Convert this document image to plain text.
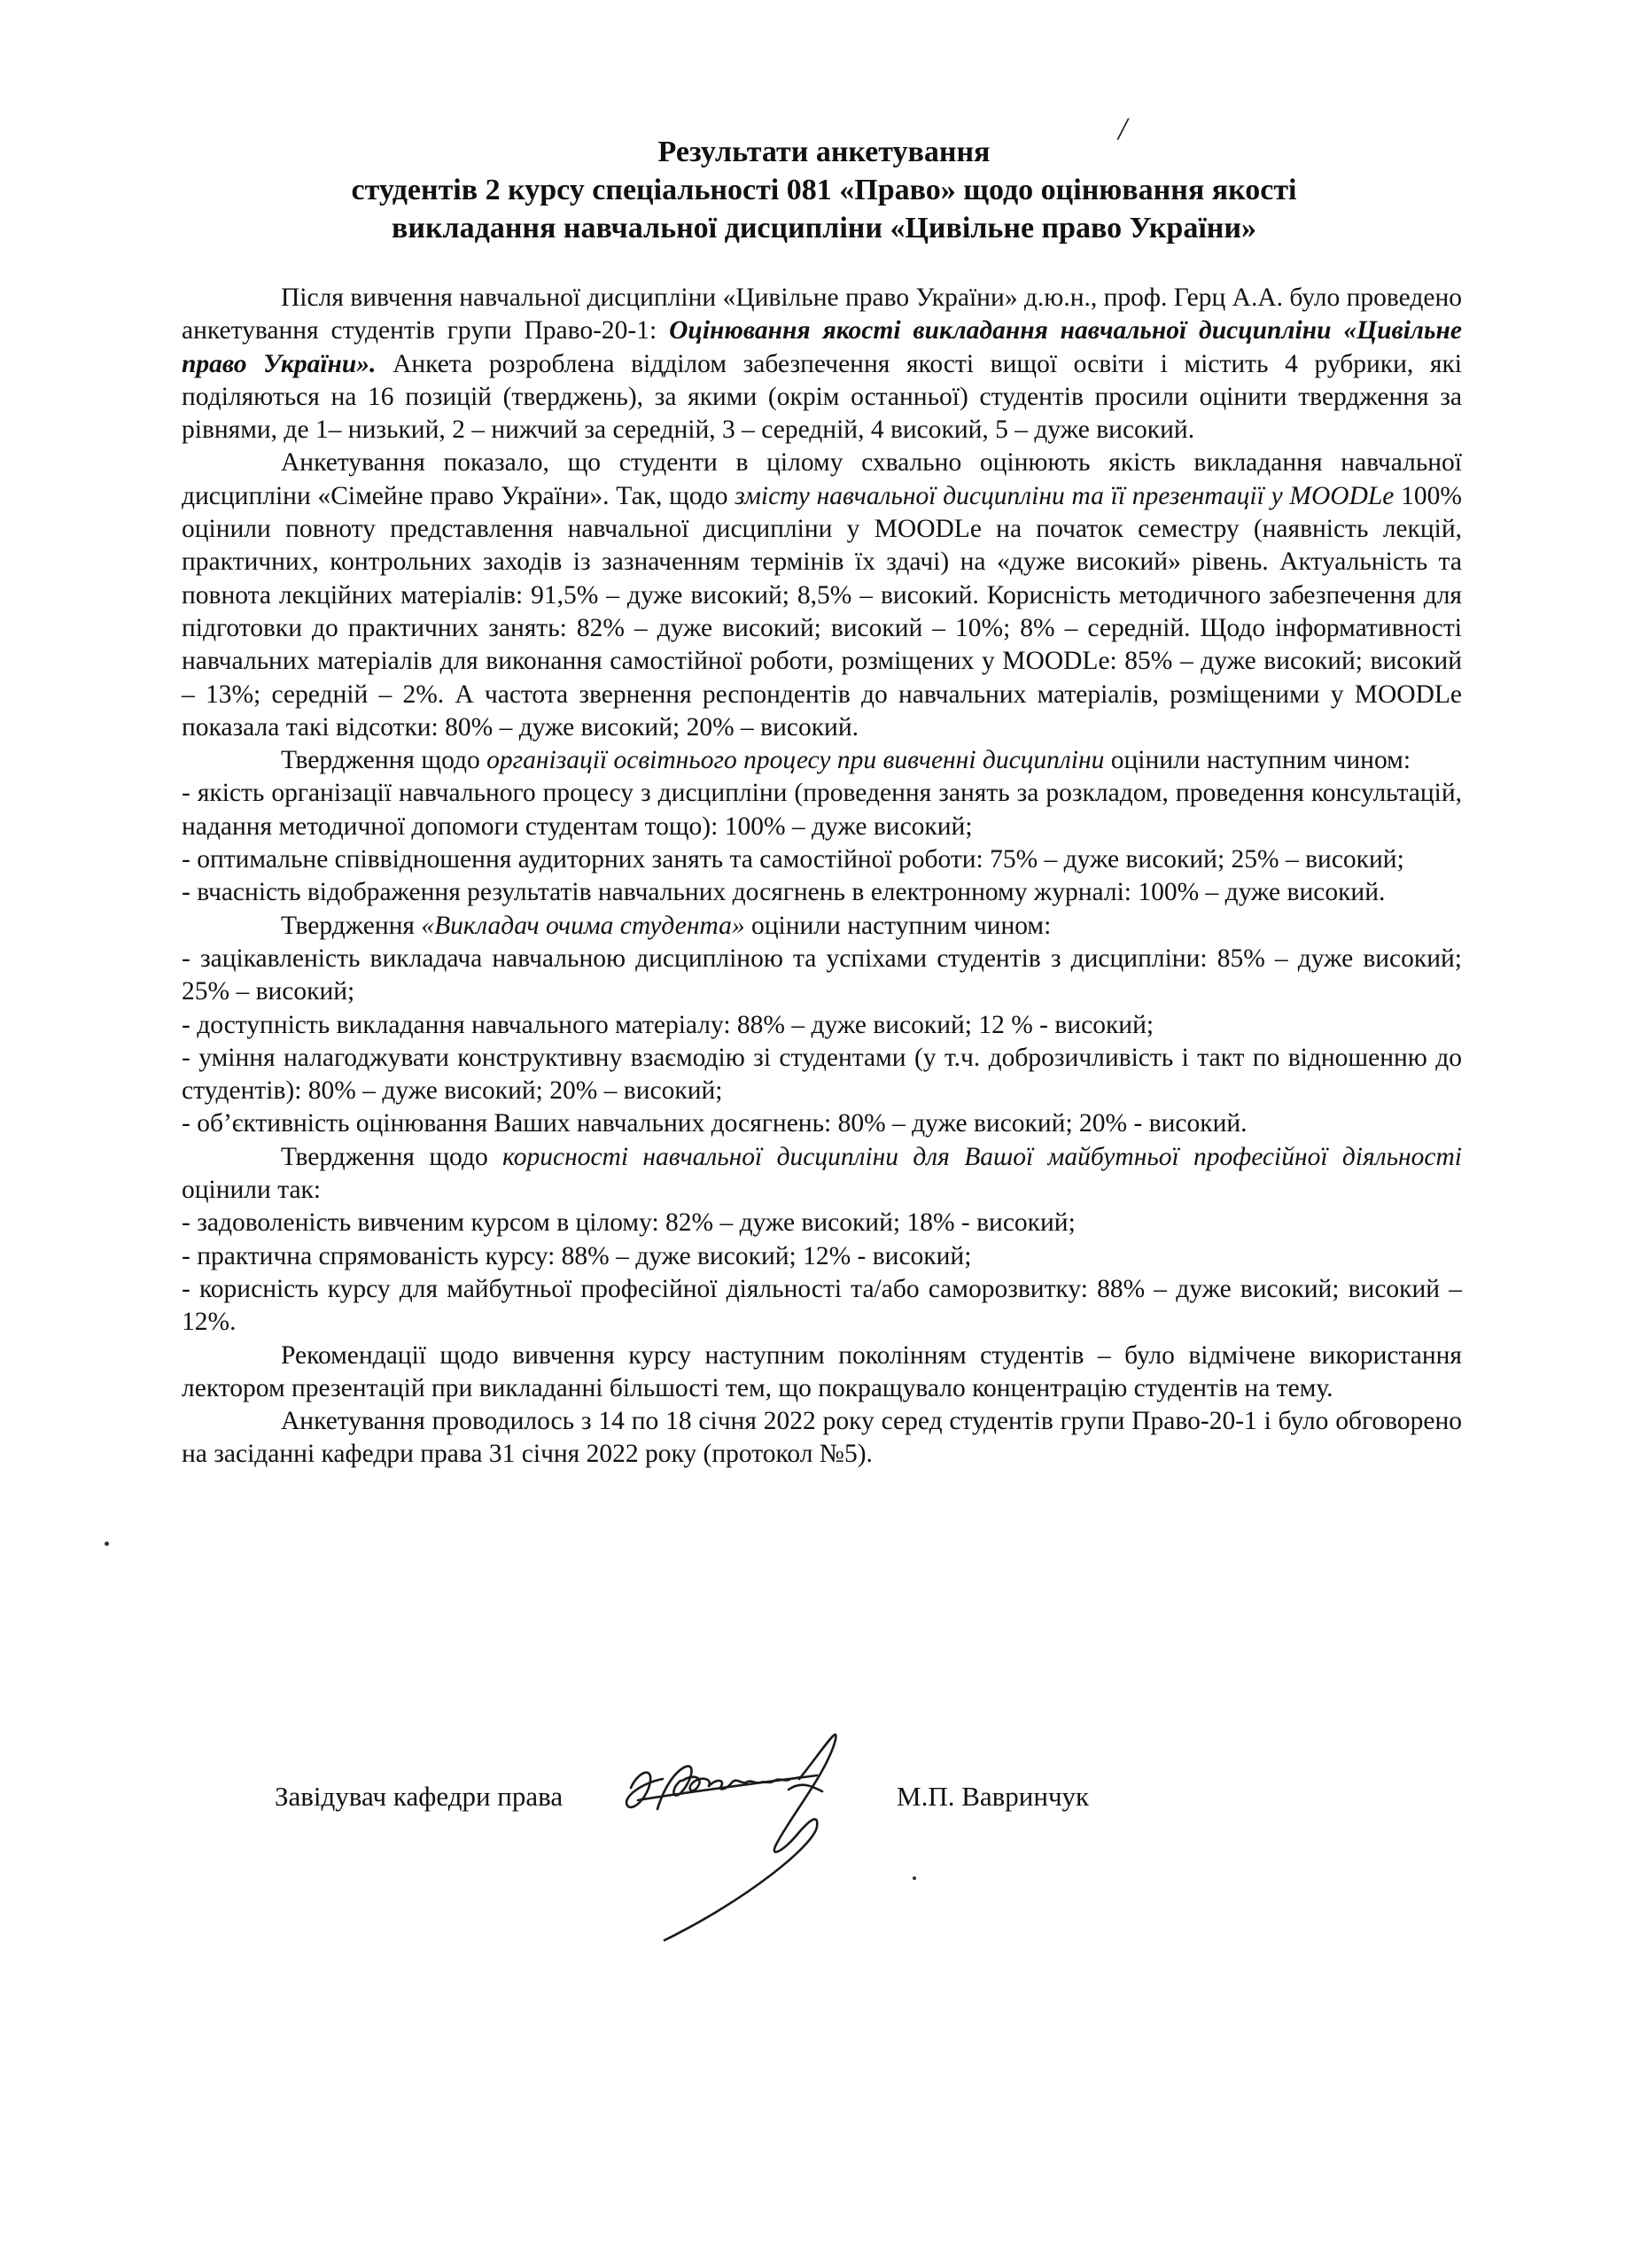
/
Результати анкетування
студентів 2 курсу спеціальності 081 «Право» щодо оцінювання якості
викладання навчальної дисципліни «Цивільне право України»

Після вивчення навчальної дисципліни «Цивільне право України» д.ю.н., проф. Герц А.А. було проведено анкетування студентів групи Право-20-1: Оцінювання якості викладання навчальної дисципліни «Цивільне право України». Анкета розроблена відділом забезпечення якості вищої освіти і містить 4 рубрики, які поділяються на 16 позицій (тверджень), за якими (окрім останньої) студентів просили оцінити твердження за рівнями, де 1– низький, 2 – нижчий за середній, 3 – середній, 4 високий, 5 – дуже високий.

Анкетування показало, що студенти в цілому схвально оцінюють якість викладання навчальної дисципліни «Сімейне право України». Так, щодо змісту навчальної дисципліни та її презентації у MOODLe 100% оцінили повноту представлення навчальної дисципліни у MOODLe на початок семестру (наявність лекцій, практичних, контрольних заходів із зазначенням термінів їх здачі) на «дуже високий» рівень. Актуальність та повнота лекційних матеріалів: 91,5% – дуже високий; 8,5% – високий. Корисність методичного забезпечення для підготовки до практичних занять: 82% – дуже високий; високий – 10%; 8% – середній. Щодо інформативності навчальних матеріалів для виконання самостійної роботи, розміщених у MOODLe: 85% – дуже високий; високий – 13%; середній – 2%. А частота звернення респондентів до навчальних матеріалів, розміщеними у MOODLe показала такі відсотки: 80% – дуже високий; 20% – високий.

Твердження щодо організації освітнього процесу при вивченні дисципліни оцінили наступним чином:

- якість організації навчального процесу з дисципліни (проведення занять за розкладом, проведення консультацій, надання методичної допомоги студентам тощо): 100% – дуже високий;

- оптимальне співвідношення аудиторних занять та самостійної роботи: 75% – дуже високий; 25% – високий;

- вчасність відображення результатів навчальних досягнень в електронному журналі: 100% – дуже високий.

Твердження «Викладач очима студента» оцінили наступним чином:

- зацікавленість викладача навчальною дисципліною та успіхами студентів з дисципліни: 85% – дуже високий; 25% – високий;

- доступність викладання навчального матеріалу: 88% – дуже високий; 12 % - високий;

- уміння налагоджувати конструктивну взаємодію зі студентами (у т.ч. доброзичливість і такт по відношенню до студентів): 80% – дуже високий; 20% – високий;

- об’єктивність оцінювання Ваших навчальних досягнень: 80% – дуже високий; 20% - високий.

Твердження щодо корисності навчальної дисципліни для Вашої майбутньої професійної діяльності оцінили так:

- задоволеність вивченим курсом в цілому: 82% – дуже високий; 18% - високий;

- практична спрямованість курсу: 88% – дуже високий; 12% - високий;

- корисність курсу для майбутньої професійної діяльності та/або саморозвитку: 88% – дуже високий; високий – 12%.

Рекомендації щодо вивчення курсу наступним поколінням студентів – було відмічене використання лектором презентацій при викладанні більшості тем, що покращувало концентрацію студентів на тему.

Анкетування проводилось з 14 по 18 січня 2022 року серед студентів групи Право-20-1 і було обговорено на засіданні кафедри права 31 січня 2022 року (протокол №5).

Завідувач кафедри права	М.П. Вавринчук
